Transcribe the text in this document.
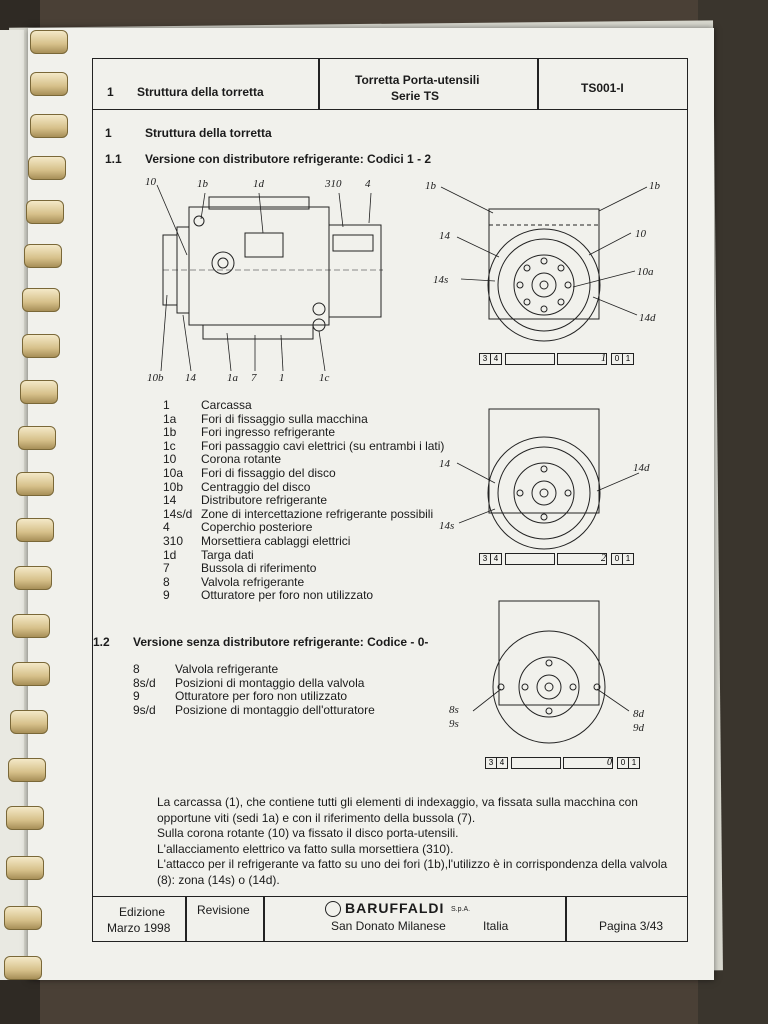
1 Struttura della torretta
Torretta Porta-utensili
Serie TS
TS001-I
1	Struttura della torretta
1.1 Versione con distributore refrigerante: Codici 1 - 2
10	1b	1d	310 4
10b 14	1a 7 1	1c
1b	1b
14	10
14s
10a
14d
3 4	1	0 1
1	Carcassa
1a	Fori di fissaggio sulla macchina
1b	Fori ingresso refrigerante
1c	Fori passaggio cavi elettrici (su entrambi i lati)
10	Corona rotante
10a	Fori di fissaggio del disco
10b	Centraggio del disco
14	Distributore refrigerante
14s/d Zone di intercettazione refrigerante possibili
4	Coperchio posteriore
310	Morsettiera cablaggi elettrici
1d	Targa dati
7	Bussola di riferimento
8	Valvola refrigerante
9	Otturatore per foro non utilizzato
14	14d
14s
3 4	2	0 1
1.2 Versione senza distributore refrigerante: Codice - 0-
8	Valvola refrigerante
8s/d	Posizioni di montaggio della valvola
9	Otturatore per foro non utilizzato
9s/d	Posizione di montaggio dell'otturatore	8s
9s
8d
9d
3 4	0	0 1

La carcassa (1), che contiene tutti gli elementi di indexaggio, va fissata sulla macchina con opportune viti (sedi 1a) e con il riferimento della bussola (7).

Sulla corona rotante (10) va fissato il disco porta-utensili.

L'allacciamento elettrico va fatto sulla morsettiera (310).

L'attacco per il refrigerante va fatto su uno dei fori (1b),l'utilizzo è in corrispondenza della valvola (8): zona (14s) o (14d).

Edizione
Marzo 1998
Revisione	BARUFFALDI S.p.A.
San Donato Milanese	Italia	Pagina 3/43
